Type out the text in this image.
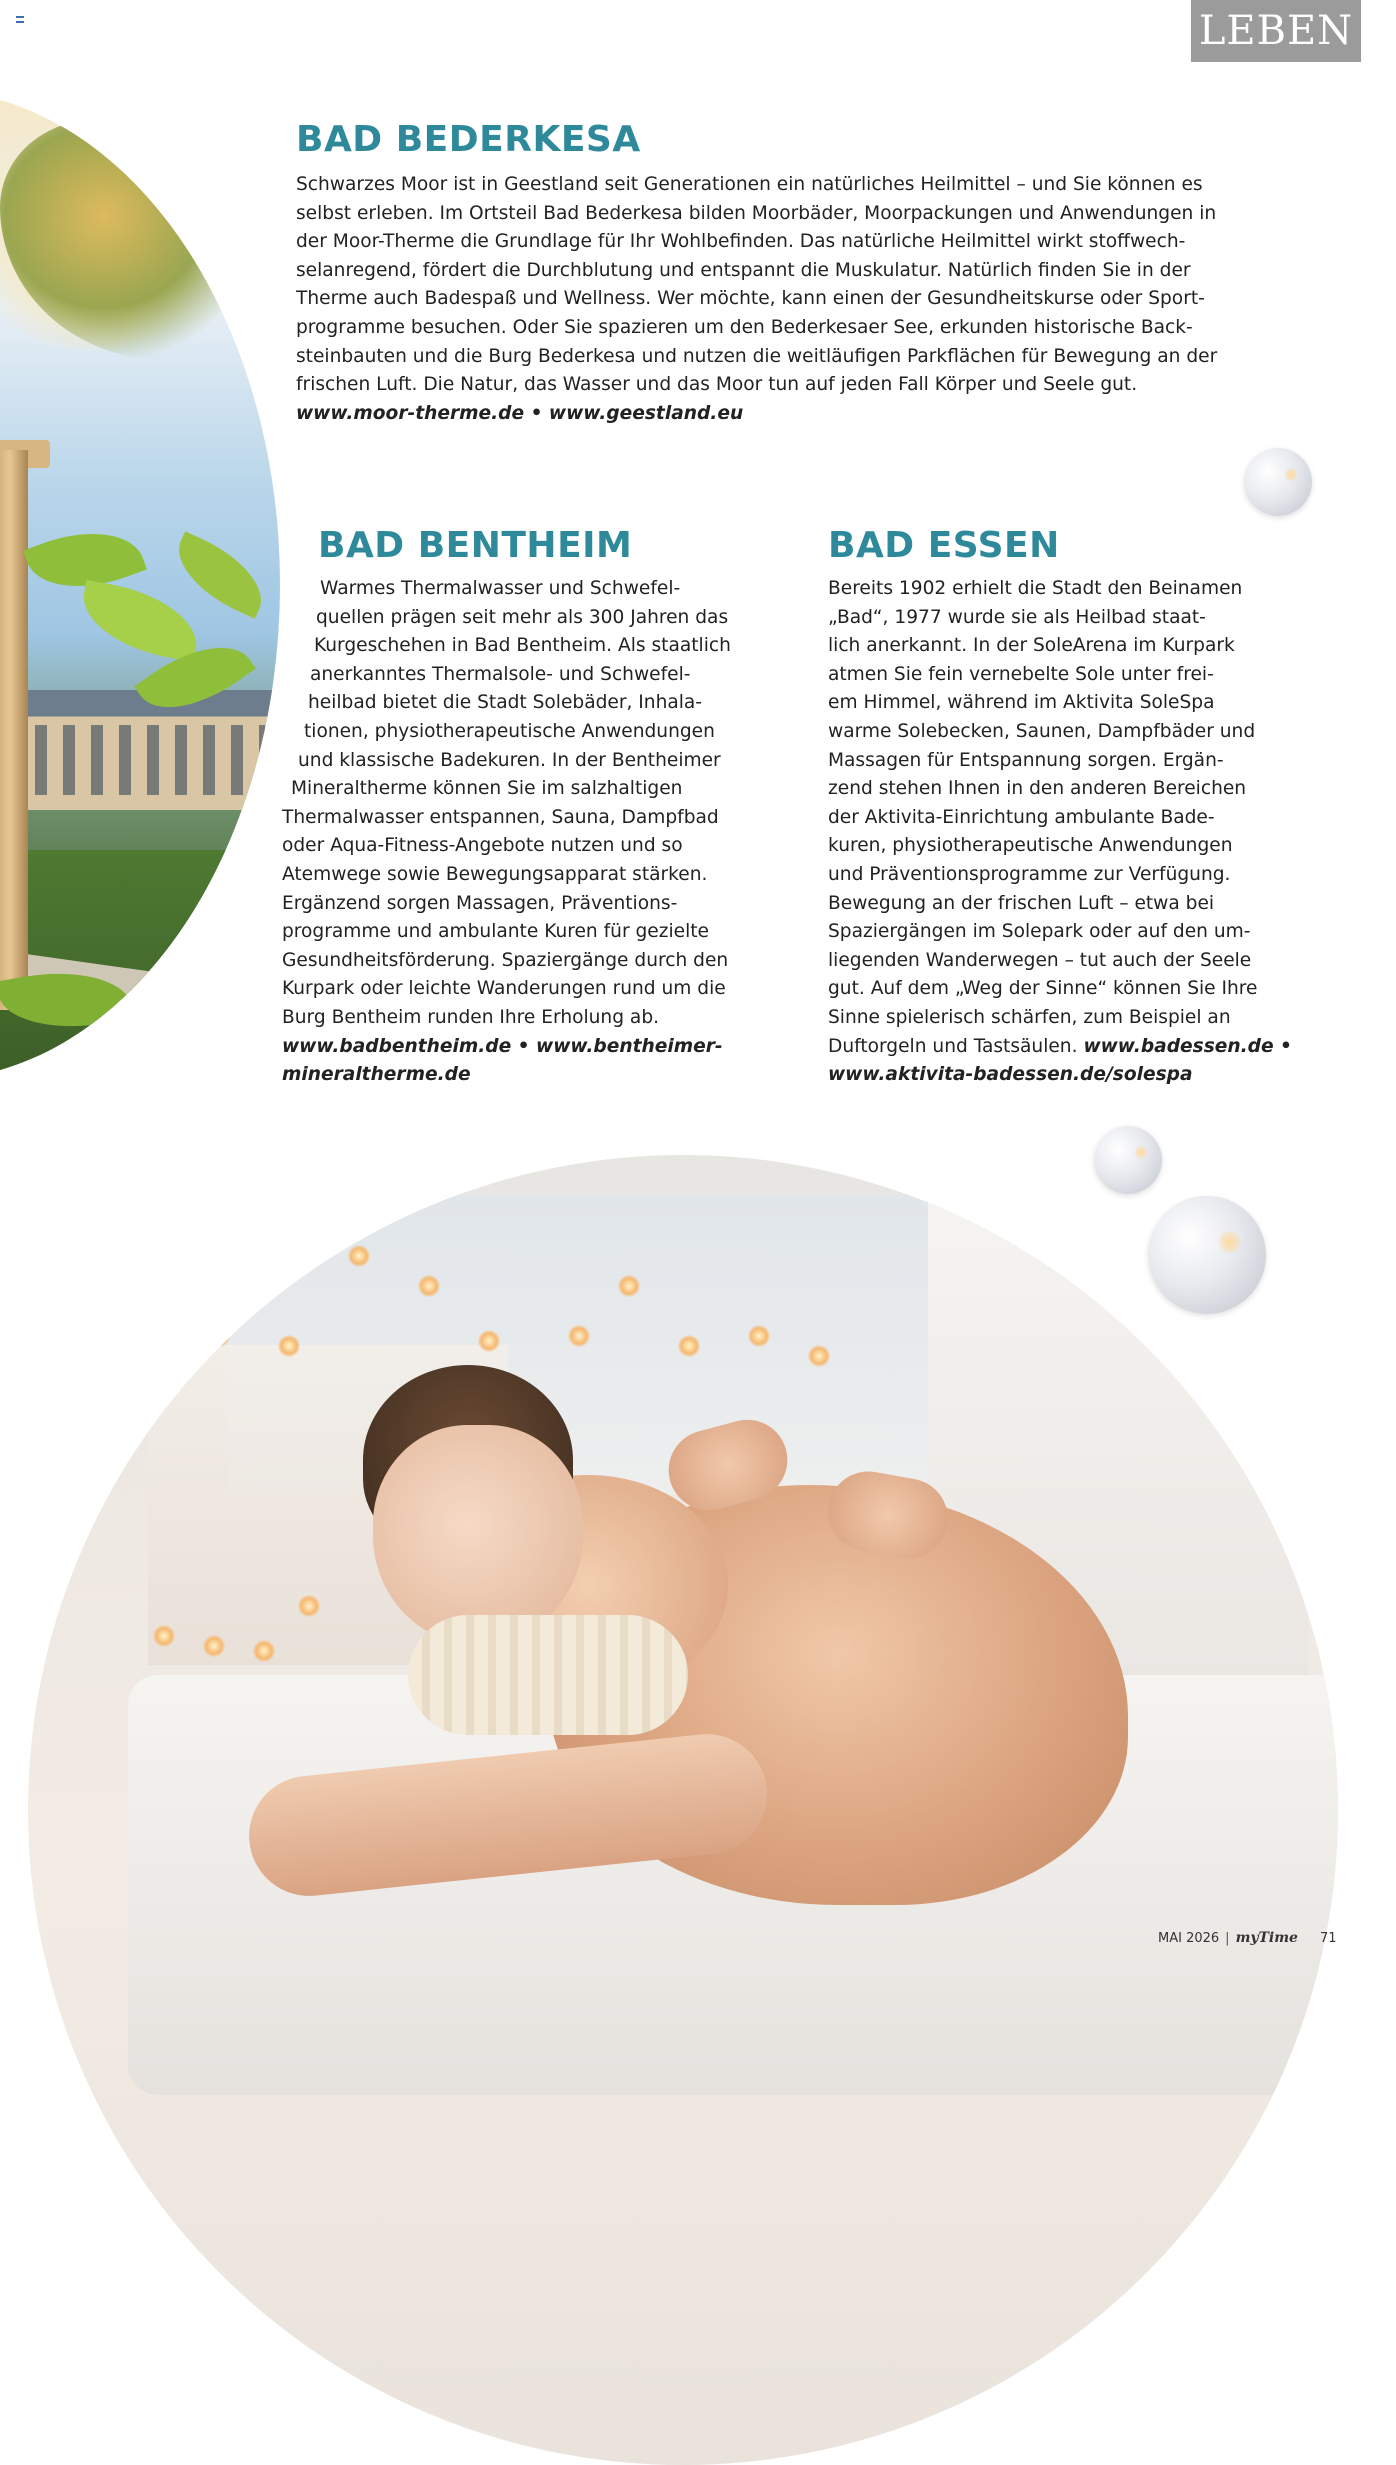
LEBEN
BAD BEDERKESA

Schwarzes Moor ist in Geestland seit Generationen ein natürliches Heilmittel – und Sie können es
selbst erleben. Im Ortsteil Bad Bederkesa bilden Moorbäder, Moorpackungen und Anwendungen in
der Moor-Therme die Grundlage für Ihr Wohlbefinden. Das natürliche Heilmittel wirkt stoffwech-
selanregend, fördert die Durchblutung und entspannt die Muskulatur. Natürlich finden Sie in der
Therme auch Badespaß und Wellness. Wer möchte, kann einen der Gesundheitskurse oder Sport-
programme besuchen. Oder Sie spazieren um den Bederkesaer See, erkunden historische Back-
steinbauten und die Burg Bederkesa und nutzen die weitläufigen Parkflächen für Bewegung an der
frischen Luft. Die Natur, das Wasser und das Moor tun auf jeden Fall Körper und Seele gut.
www.moor-therme.de • www.geestland.eu

BAD BENTHEIM

Warmes Thermalwasser und Schwefel-
quellen prägen seit mehr als 300 Jahren das
Kurgeschehen in Bad Bentheim. Als staatlich
anerkanntes Thermalsole- und Schwefel-
heilbad bietet die Stadt Solebäder, Inhala-
tionen, physiotherapeutische Anwendungen
und klassische Badekuren. In der Bentheimer
Mineraltherme können Sie im salzhaltigen
Thermalwasser entspannen, Sauna, Dampfbad
oder Aqua-Fitness-Angebote nutzen und so
Atemwege sowie Bewegungsapparat stärken.
Ergänzend sorgen Massagen, Präventions-
programme und ambulante Kuren für gezielte
Gesundheitsförderung. Spaziergänge durch den
Kurpark oder leichte Wanderungen rund um die
Burg Bentheim runden Ihre Erholung ab.
www.badbentheim.de • www.bentheimer-
mineraltherme.de

BAD ESSEN

Bereits 1902 erhielt die Stadt den Beinamen
„Bad“, 1977 wurde sie als Heilbad staat-
lich anerkannt. In der SoleArena im Kurpark
atmen Sie fein vernebelte Sole unter frei-
em Himmel, während im Aktivita SoleSpa
warme Solebecken, Saunen, Dampfbäder und
Massagen für Entspannung sorgen. Ergän-
zend stehen Ihnen in den anderen Bereichen
der Aktivita-Einrichtung ambulante Bade-
kuren, physiotherapeutische Anwendungen
und Präventionsprogramme zur Verfügung.
Bewegung an der frischen Luft – etwa bei
Spaziergängen im Solepark oder auf den um-
liegenden Wanderwegen – tut auch der Seele
gut. Auf dem „Weg der Sinne“ können Sie Ihre
Sinne spielerisch schärfen, zum Beispiel an
Duftorgeln und Tastsäulen. www.badessen.de •
www.aktivita-badessen.de/solespa

MAI 2026 | myTime 71
